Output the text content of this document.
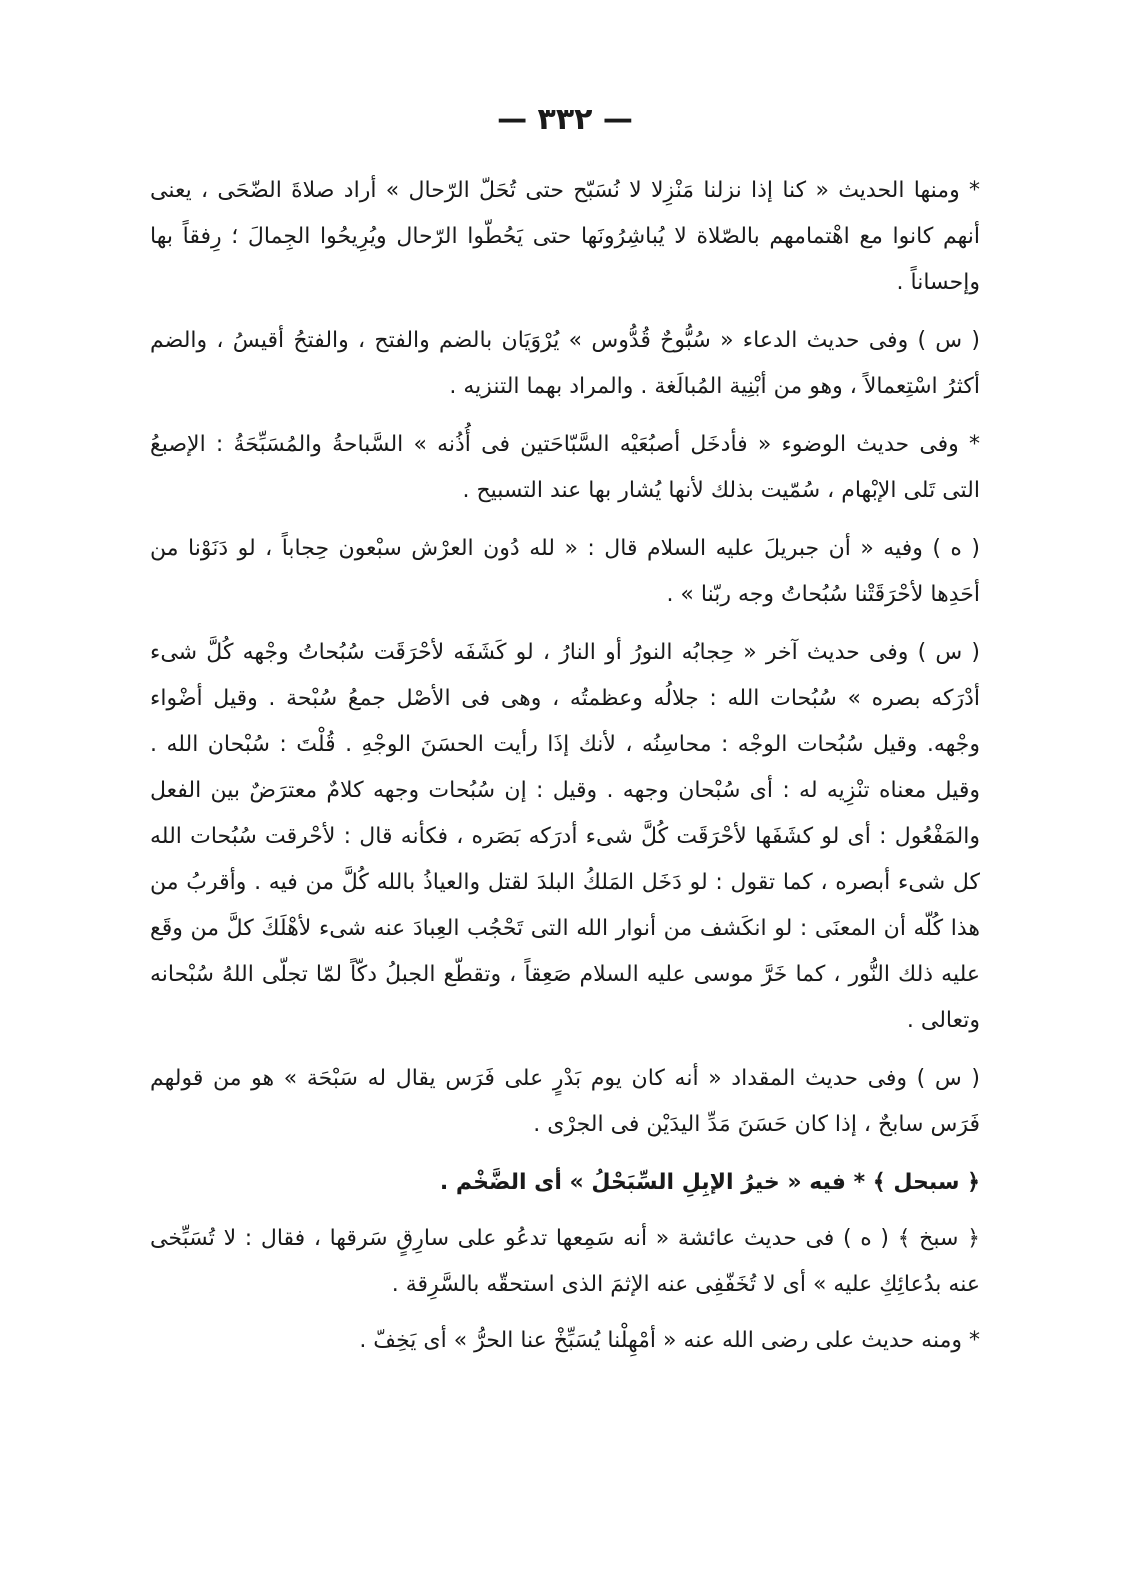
— ٣٣٢ —

* ومنها الحديث « كنا إذا نزلنا مَنْزِلا لا نُسَبّح حتى تُحَلّ الرّحال » أراد صلاةَ الضّحَى ، يعنى أنهم كانوا مع اهْتمامهم بالصّلاة لا يُباشِرُونَها حتى يَحُطّوا الرّحال ويُرِيحُوا الجِمالَ ؛ رِفقاً بها وإحساناً .

( س ) وفى حديث الدعاء « سُبُّوحٌ قُدُّوس » يُرْوَيَان بالضم والفتح ، والفتحُ أقيسُ ، والضم أكثرُ اسْتِعمالاً ، وهو من أبْنِية المُبالَغة . والمراد بهما التنزيه .

* وفى حديث الوضوء « فأدخَل أصبُعَيْه السَّبّاحَتين فى أُذُنه » السَّباحةُ والمُسَبِّحَةُ : الإصبعُ التى تَلى الإبْهام ، سُمّيت بذلك لأنها يُشار بها عند التسبيح .

( ه ) وفيه « أن جبريلَ عليه السلام قال : « لله دُون العرْش سبْعون حِجاباً ، لو دَنَوْنا من أحَدِها لأحْرَقَتْنا سُبُحاتُ وجه ربّنا » .

( س ) وفى حديث آخر « حِجابُه النورُ أو النارُ ، لو كَشَفَه لأحْرَقَت سُبُحاتُ وجْهه كُلَّ شىء أدْرَكه بصره » سُبُحات الله : جلالُه وعظمتُه ، وهى فى الأصْل جمعُ سُبْحة . وقيل أضْواء وجْهه. وقيل سُبُحات الوجْه : محاسِنُه ، لأنك إذَا رأيت الحسَنَ الوجْهِ . قُلْتَ : سُبْحان الله . وقيل معناه تنْزِيه له : أى سُبْحان وجهه . وقيل : إن سُبُحات وجهه كلامٌ معترَضٌ بين الفعل والمَفْعُول : أى لو كشَفَها لأحْرَقَت كُلَّ شىء أدرَكه بَصَره ، فكأنه قال : لأحْرقت سُبُحات الله كل شىء أبصره ، كما تقول : لو دَخَل المَلكُ البلدَ لقتل والعياذُ بالله كُلَّ من فيه . وأقربُ من هذا كُلّه أن المعنَى : لو انكَشف من أنوار الله التى تَحْجُب العِبادَ عنه شىء لأهْلَكَ كلَّ من وقَع عليه ذلك النُّور ، كما خَرَّ موسى عليه السلام صَعِقاً ، وتقطّع الجبلُ دكّاً لمّا تجلّى اللهُ سُبْحانه وتعالى .

( س ) وفى حديث المقداد « أنه كان يوم بَدْرٍ على فَرَس يقال له سَبْحَة » هو من قولهم فَرَس سابحٌ ، إذا كان حَسَنَ مَدِّ اليدَيْن فى الجرْى .

﴿ سبحل ﴾ * فيه « خيرُ الإبِلِ السِّبَحْلُ » أى الضَّخْم .

﴿ سبخ ﴾ ( ه ) فى حديث عائشة « أنه سَمِعها تدعُو على سارِقٍ سَرقها ، فقال : لا تُسَبِّخى عنه بدُعائِكِ عليه » أى لا تُخَفّفِى عنه الإثمَ الذى استحقّه بالسَّرِقة .

* ومنه حديث على رضى الله عنه « أمْهِلْنا يُسَبِّخْ عنا الحرُّ » أى يَخِفّ .
